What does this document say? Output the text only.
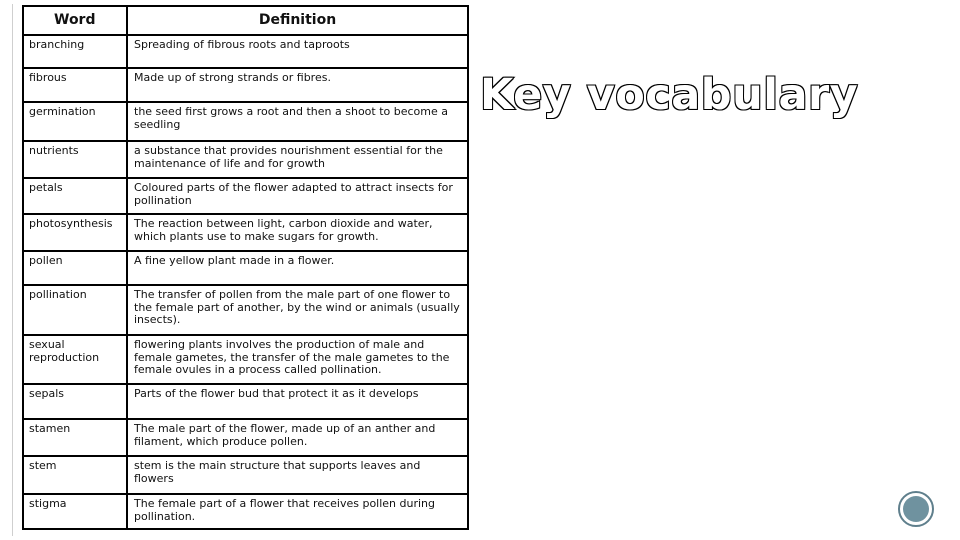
Word	Definition
branching	Spreading of fibrous roots and taproots
fibrous	Made up of strong strands or fibres.
germination	the seed first grows a root and then a shoot to become a seedling
nutrients	a substance that provides nourishment essential for the maintenance of life and for growth
petals	Coloured parts of the flower adapted to attract insects for pollination
photosynthesis	The reaction between light, carbon dioxide and water, which plants use to make sugars for growth.
pollen	A fine yellow plant made in a flower.
pollination	The transfer of pollen from the male part of one flower to the female part of another, by the wind or animals (usually insects).
sexual reproduction	flowering plants involves the production of male and female gametes, the transfer of the male gametes to the female ovules in a process called pollination.
sepals	Parts of the flower bud that protect it as it develops
stamen	The male part of the flower, made up of an anther and filament, which produce pollen.
stem	stem is the main structure that supports leaves and flowers
stigma	The female part of a flower that receives pollen during pollination.
Key vocabulary
